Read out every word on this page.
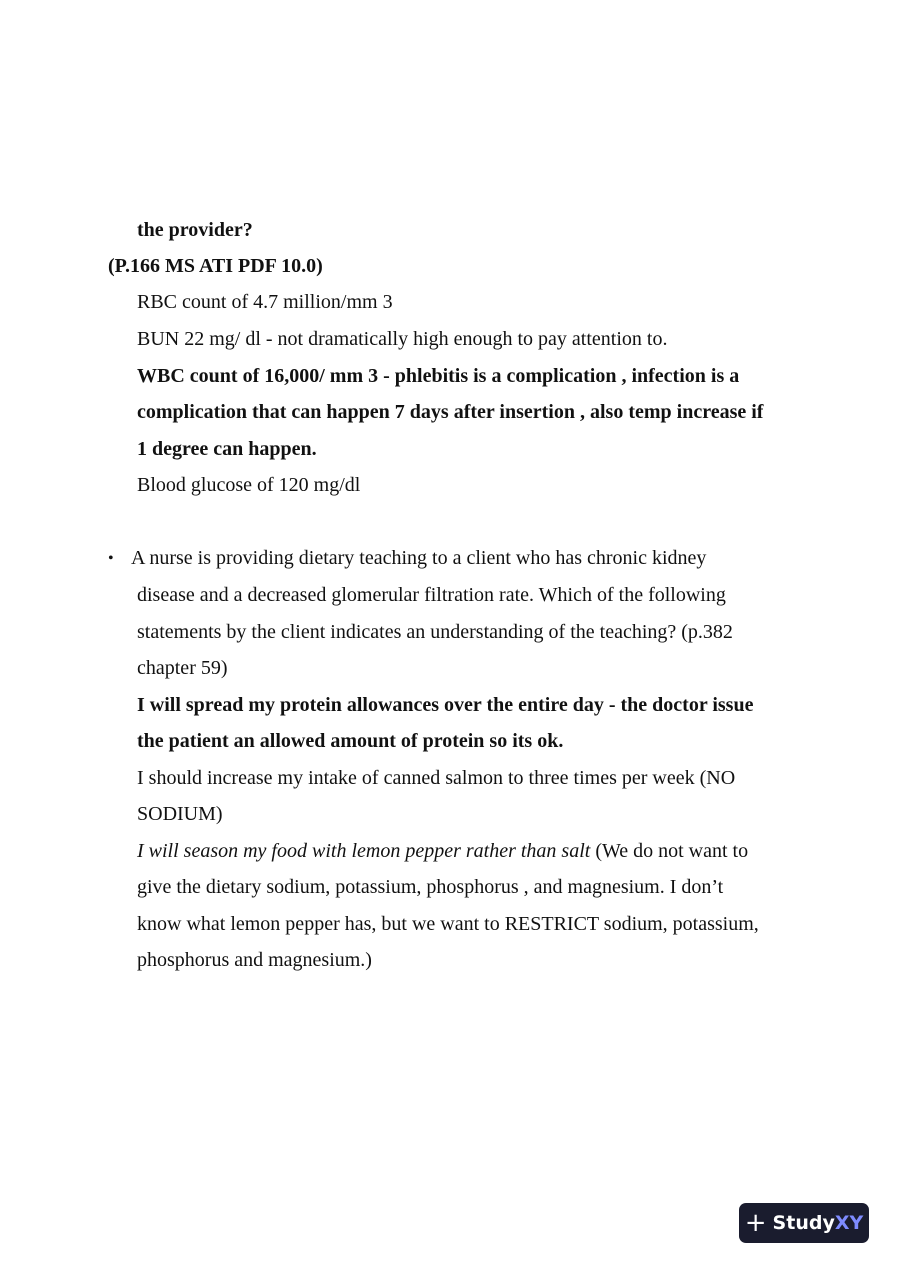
the provider?
(P.166 MS ATI PDF 10.0)
RBC count of 4.7 million/mm 3
BUN 22 mg/ dl - not dramatically high enough to pay attention to.
WBC count of 16,000/ mm 3 - phlebitis is a complication , infection is a
complication that can happen 7 days after insertion , also temp increase if
1 degree can happen.
Blood glucose of 120 mg/dl
• A nurse is providing dietary teaching to a client who has chronic kidney
disease and a decreased glomerular filtration rate. Which of the following
statements by the client indicates an understanding of the teaching? (p.382
chapter 59)
I will spread my protein allowances over the entire day - the doctor issue
the patient an allowed amount of protein so its ok.
I should increase my intake of canned salmon to three times per week (NO
SODIUM)
I will season my food with lemon pepper rather than salt (We do not want to
give the dietary sodium, potassium, phosphorus , and magnesium. I don’t
know what lemon pepper has, but we want to RESTRICT sodium, potassium,
phosphorus and magnesium.)
+ Study XY
